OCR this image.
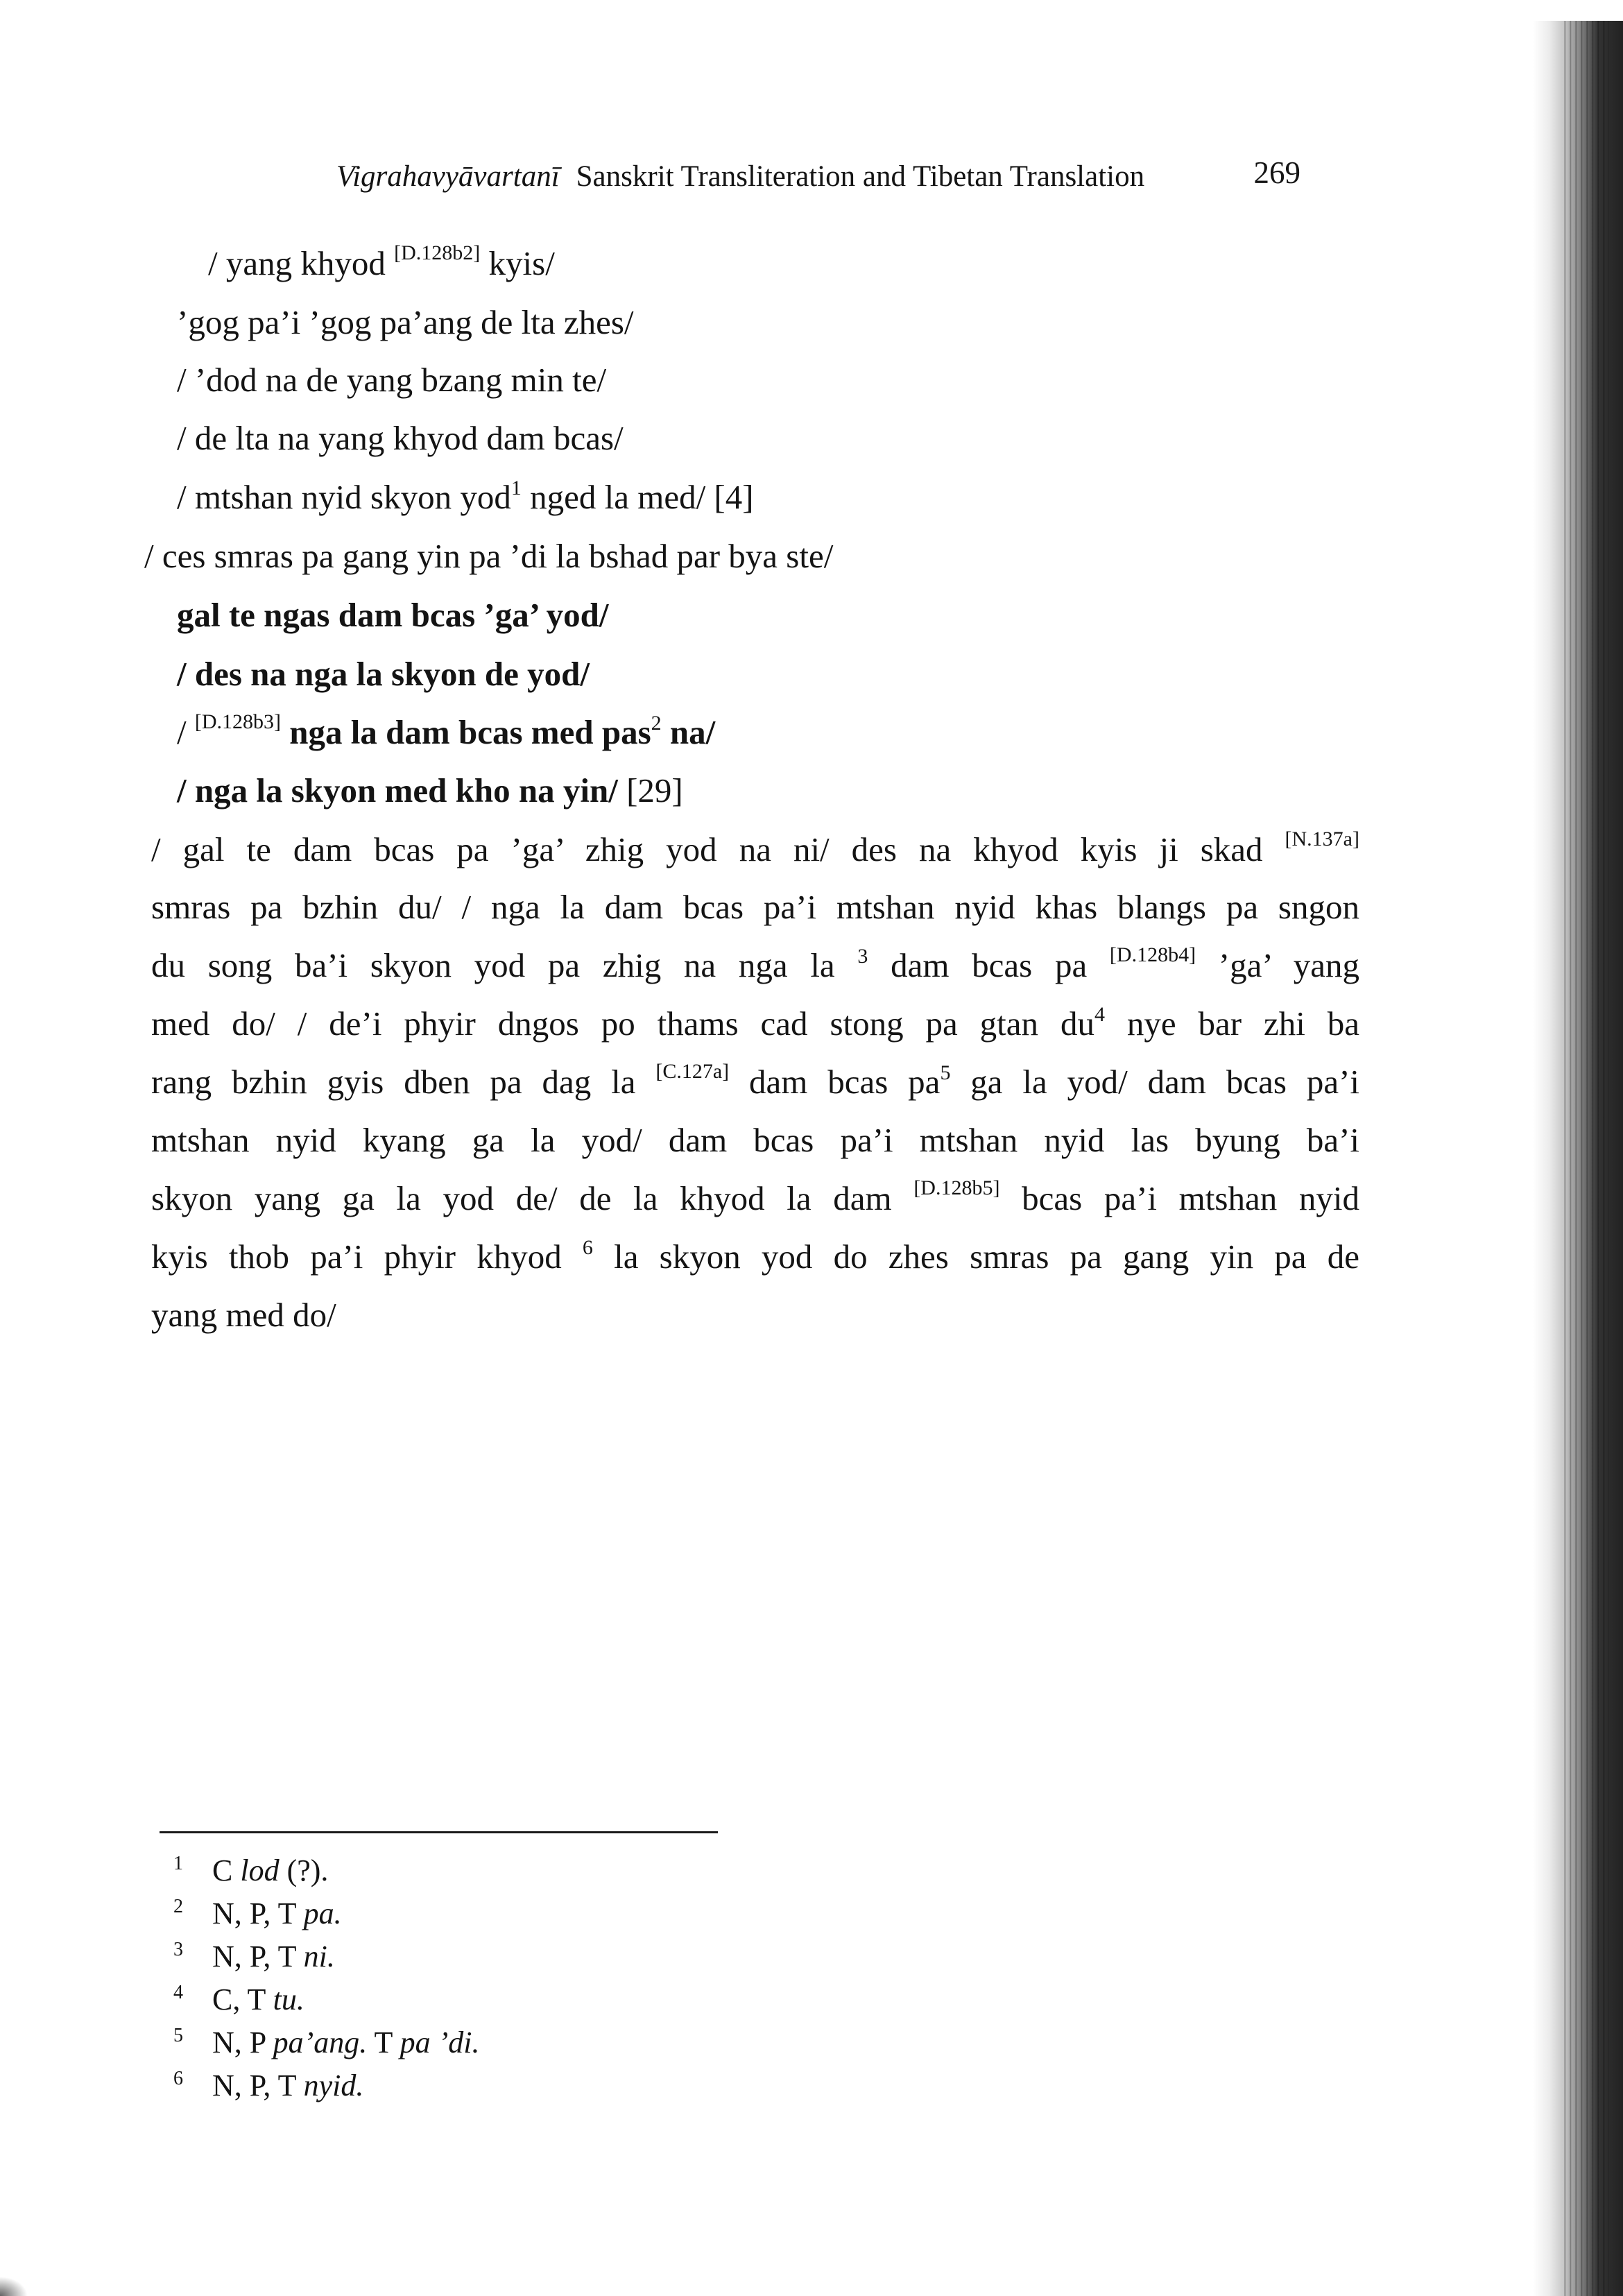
Vigrahavyāvartanī Sanskrit Transliteration and Tibetan Translation	269
/ yang khyod [D.128b2] kyis/
’gog pa’i ’gog pa’ang de lta zhes/
/ ’dod na de yang bzang min te/
/ de lta na yang khyod dam bcas/
/ mtshan nyid skyon yod$^1$ nged la med/ [4]
/ ces smras pa gang yin pa ’di la bshad par bya ste/
gal te ngas dam bcas ’ga’ yod/
/ des na nga la skyon de yod/
/ [D.128b3] nga la dam bcas med pas$^2$ na/
/ nga la skyon med kho na yin/ [29]
/ gal te dam bcas pa ’ga’ zhig yod na ni/ des na khyod kyis ji skad [N.137a]
smras pa bzhin du/ / nga la dam bcas pa’i mtshan nyid khas blangs pa sngon
du song ba’i skyon yod pa zhig na nga la $^3$ dam bcas pa [D.128b4] ’ga’ yang
med do/ / de’i phyir dngos po thams cad stong pa gtan $du^4$ nye bar zhi ba
rang bzhin gyis dben pa dag la [C.127a] dam bcas $pa^5$ ga la yod/ dam bcas pa’i
mtshan nyid kyang ga la yod/ dam bcas pa’i mtshan nyid las byung ba’i
skyon yang ga la yod de/ de la khyod la dam [D.128b5] bcas pa’i mtshan nyid
kyis thob pa’i phyir khyod $^6$ la skyon yod do zhes smras pa gang yin pa de
yang med do/
1 C lod (?).
2 N, P, T pa.
3 N, P, T ni.
4 C, T tu.
5 N, P pa’ang. T pa ’di.
6 N, P, T nyid.
